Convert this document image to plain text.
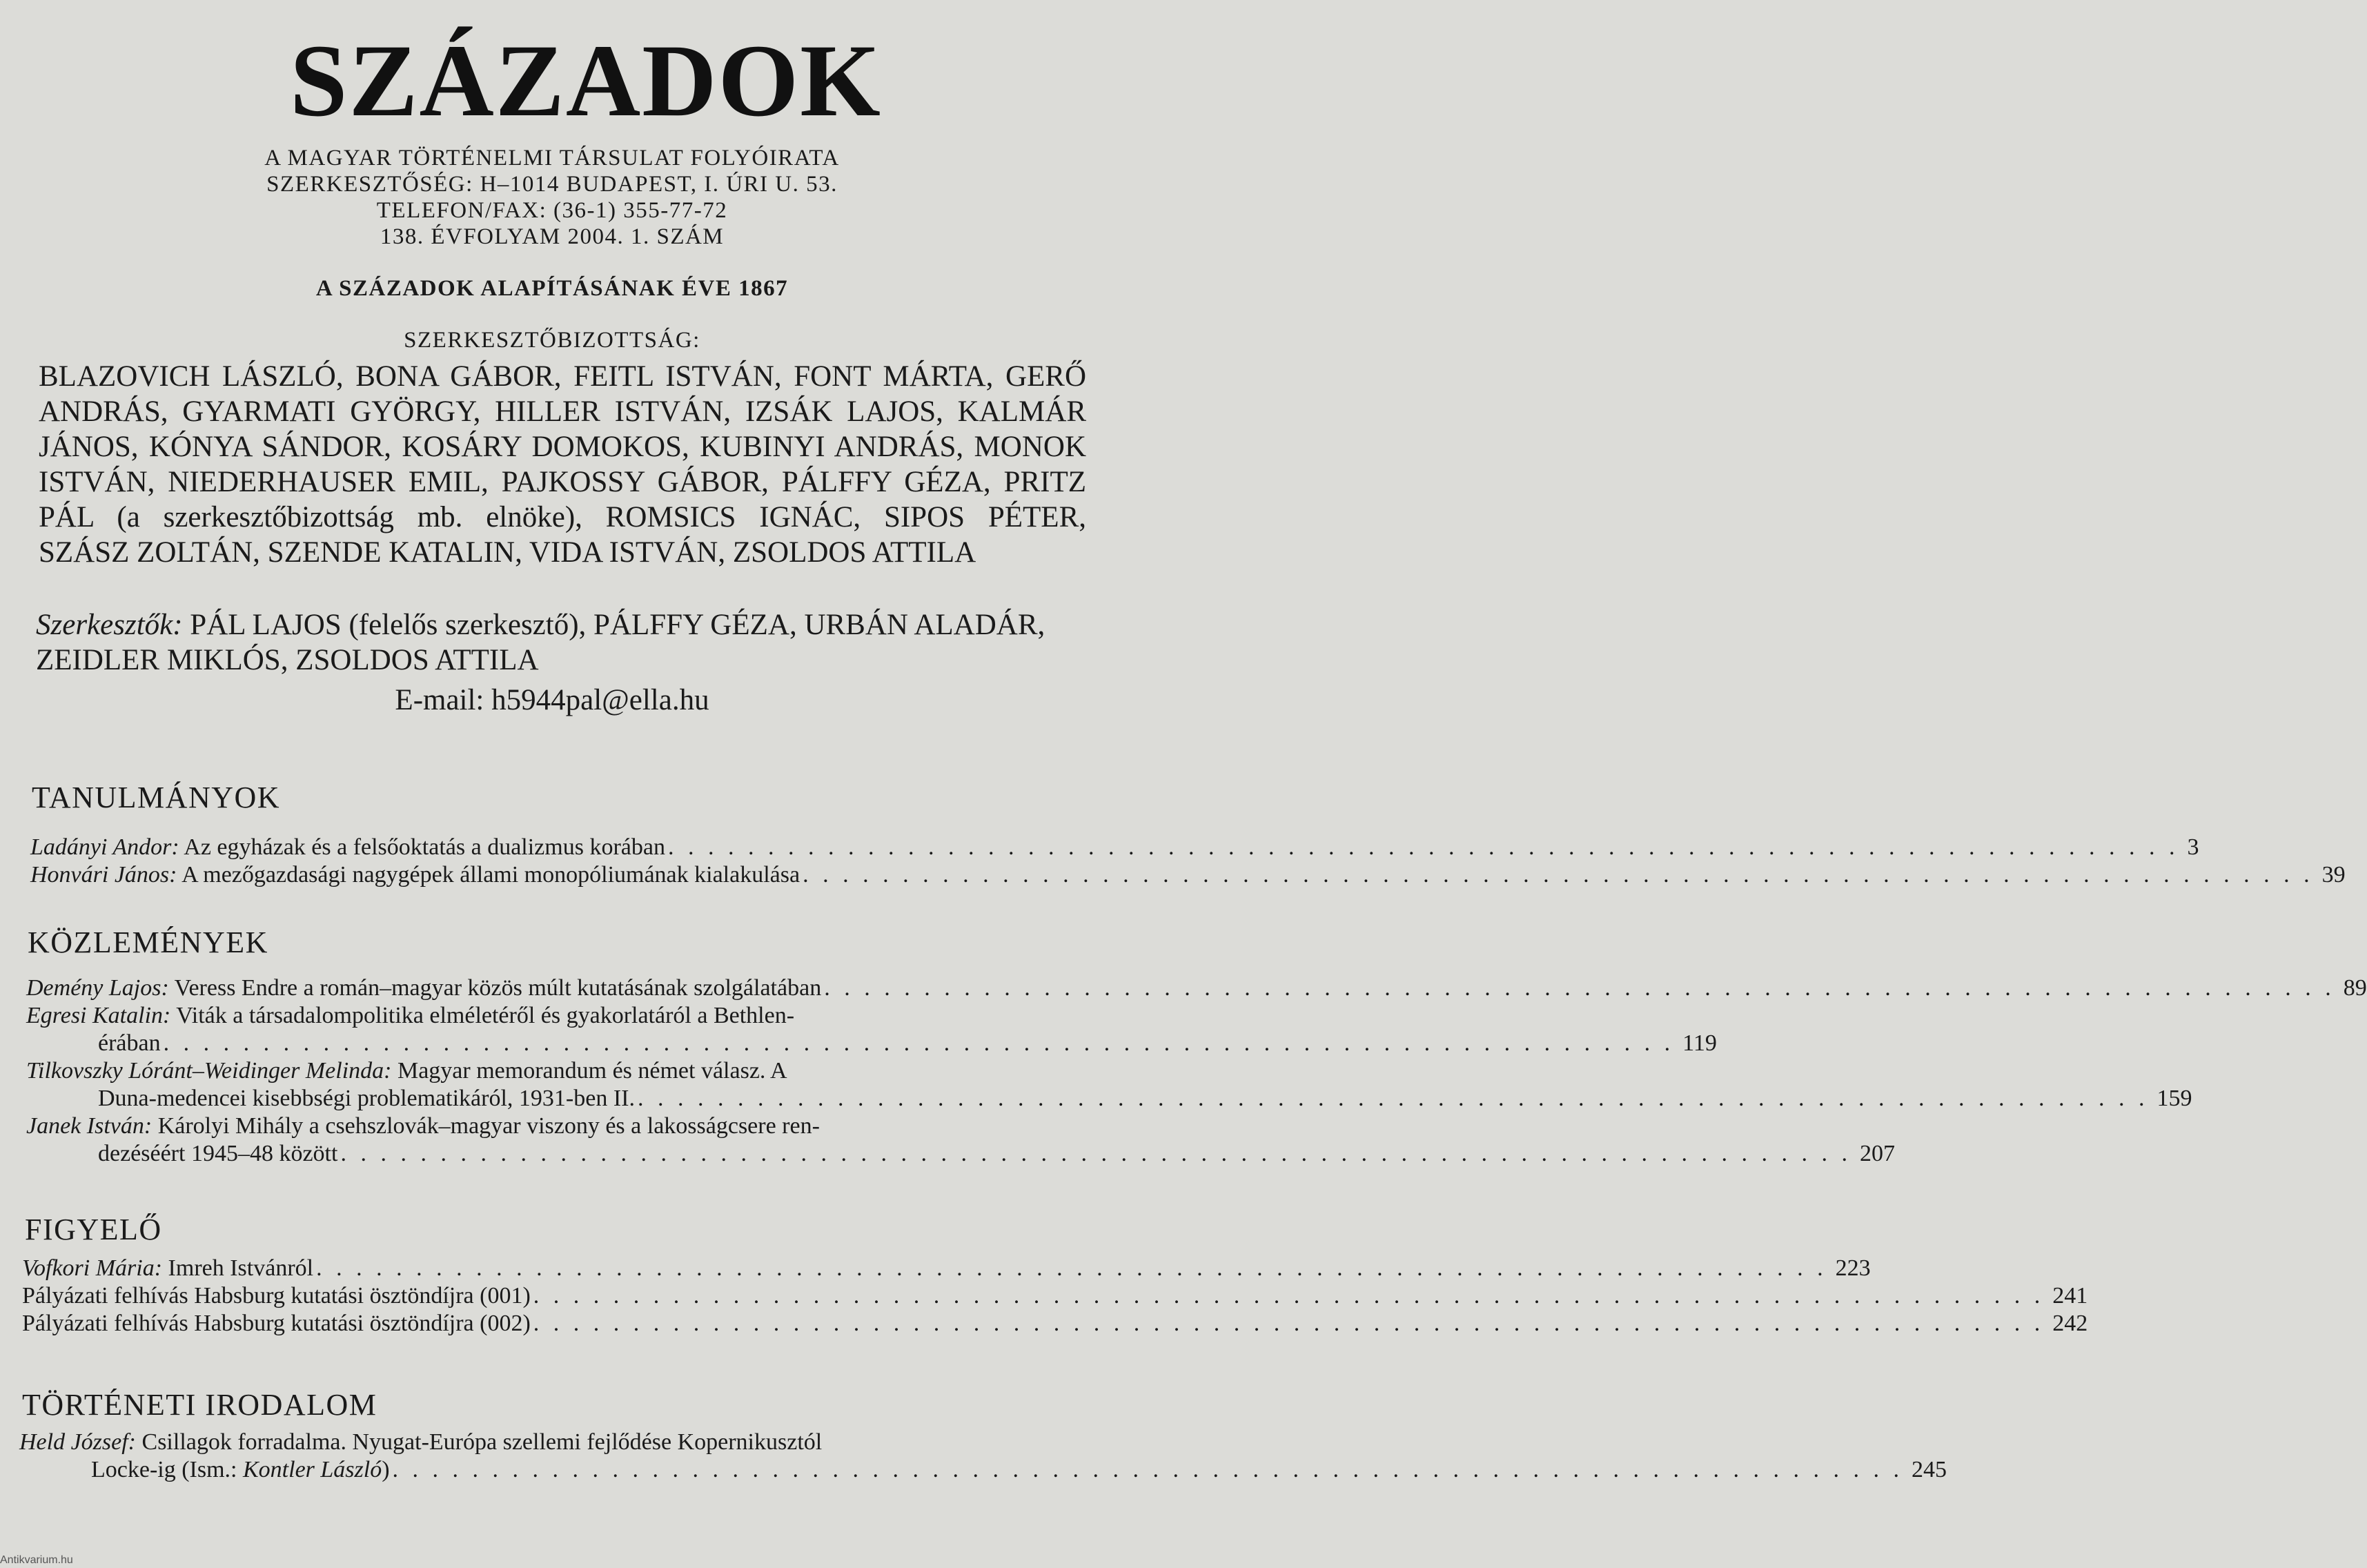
SZÁZADOK
A MAGYAR TÖRTÉNELMI TÁRSULAT FOLYÓIRATA
SZERKESZTŐSÉG: H–1014 BUDAPEST, I. ÚRI U. 53.
TELEFON/FAX: (36-1) 355-77-72
138. ÉVFOLYAM 2004. 1. SZÁM
A SZÁZADOK ALAPÍTÁSÁNAK ÉVE 1867
SZERKESZTŐBIZOTTSÁG:
BLAZOVICH LÁSZLÓ, BONA GÁBOR, FEITL ISTVÁN, FONT MÁRTA, GERŐ
ANDRÁS, GYARMATI GYÖRGY, HILLER ISTVÁN, IZSÁK LAJOS, KALMÁR
JÁNOS, KÓNYA SÁNDOR, KOSÁRY DOMOKOS, KUBINYI ANDRÁS, MONOK
ISTVÁN, NIEDERHAUSER EMIL, PAJKOSSY GÁBOR, PÁLFFY GÉZA, PRITZ
PÁL (a szerkesztőbizottság mb. elnöke), ROMSICS IGNÁC, SIPOS PÉTER,
SZÁSZ ZOLTÁN, SZENDE KATALIN, VIDA ISTVÁN, ZSOLDOS ATTILA
Szerkesztők: PÁL LAJOS (felelős szerkesztő), PÁLFFY GÉZA, URBÁN ALADÁR,
ZEIDLER MIKLÓS, ZSOLDOS ATTILA
E-mail: h5944pal@ella.hu
TANULMÁNYOK
Ladányi Andor: Az egyházak és a felsőoktatás a dualizmus korában . . . . . . . . . . . . . . . . . . . . . . . . . . . . . . . . . . . . . . . . . . . . . . . . . . . . . . . . . . . . . . . . . . . . . . . . . . . . 3
Honvári János: A mezőgazdasági nagygépek állami monopóliumának kialakulása . . . . . . . . . . . . . . . . . . . . . . . . . . . . . . . . . . . . . . . . . . . . . . . . . . . . . . . . . . . . . . . . . . . . . . . . . . . . 39
KÖZLEMÉNYEK
Demény Lajos: Veress Endre a román–magyar közös múlt kutatásának szolgálatában . . . . . . . . . . . . . . . . . . . . . . . . . . . . . . . . . . . . . . . . . . . . . . . . . . . . . . . . . . . . . . . . . . . . . . . . . . . . 89
Egresi Katalin: Viták a társadalompolitika elméletéről és gyakorlatáról a Bethlen-
érában . . . . . . . . . . . . . . . . . . . . . . . . . . . . . . . . . . . . . . . . . . . . . . . . . . . . . . . . . . . . . . . . . . . . . . . . . . . . 119
Tilkovszky Lóránt–Weidinger Melinda: Magyar memorandum és német válasz. A
Duna-medencei kisebbségi problematikáról, 1931-ben II. . . . . . . . . . . . . . . . . . . . . . . . . . . . . . . . . . . . . . . . . . . . . . . . . . . . . . . . . . . . . . . . . . . . . . . . . . . . . 159
Janek István: Károlyi Mihály a csehszlovák–magyar viszony és a lakosságcsere ren-
dezéséért 1945–48 között . . . . . . . . . . . . . . . . . . . . . . . . . . . . . . . . . . . . . . . . . . . . . . . . . . . . . . . . . . . . . . . . . . . . . . . . . . . . 207
FIGYELŐ
Vofkori Mária: Imreh Istvánról . . . . . . . . . . . . . . . . . . . . . . . . . . . . . . . . . . . . . . . . . . . . . . . . . . . . . . . . . . . . . . . . . . . . . . . . . . . . 223
Pályázati felhívás Habsburg kutatási ösztöndíjra (001) . . . . . . . . . . . . . . . . . . . . . . . . . . . . . . . . . . . . . . . . . . . . . . . . . . . . . . . . . . . . . . . . . . . . . . . . . . . . 241
Pályázati felhívás Habsburg kutatási ösztöndíjra (002) . . . . . . . . . . . . . . . . . . . . . . . . . . . . . . . . . . . . . . . . . . . . . . . . . . . . . . . . . . . . . . . . . . . . . . . . . . . . 242
TÖRTÉNETI IRODALOM
Held József: Csillagok forradalma. Nyugat-Európa szellemi fejlődése Kopernikusztól
Locke-ig (Ism.: Kontler László) . . . . . . . . . . . . . . . . . . . . . . . . . . . . . . . . . . . . . . . . . . . . . . . . . . . . . . . . . . . . . . . . . . . . . . . . . . . . 245
Antikvarium.hu
